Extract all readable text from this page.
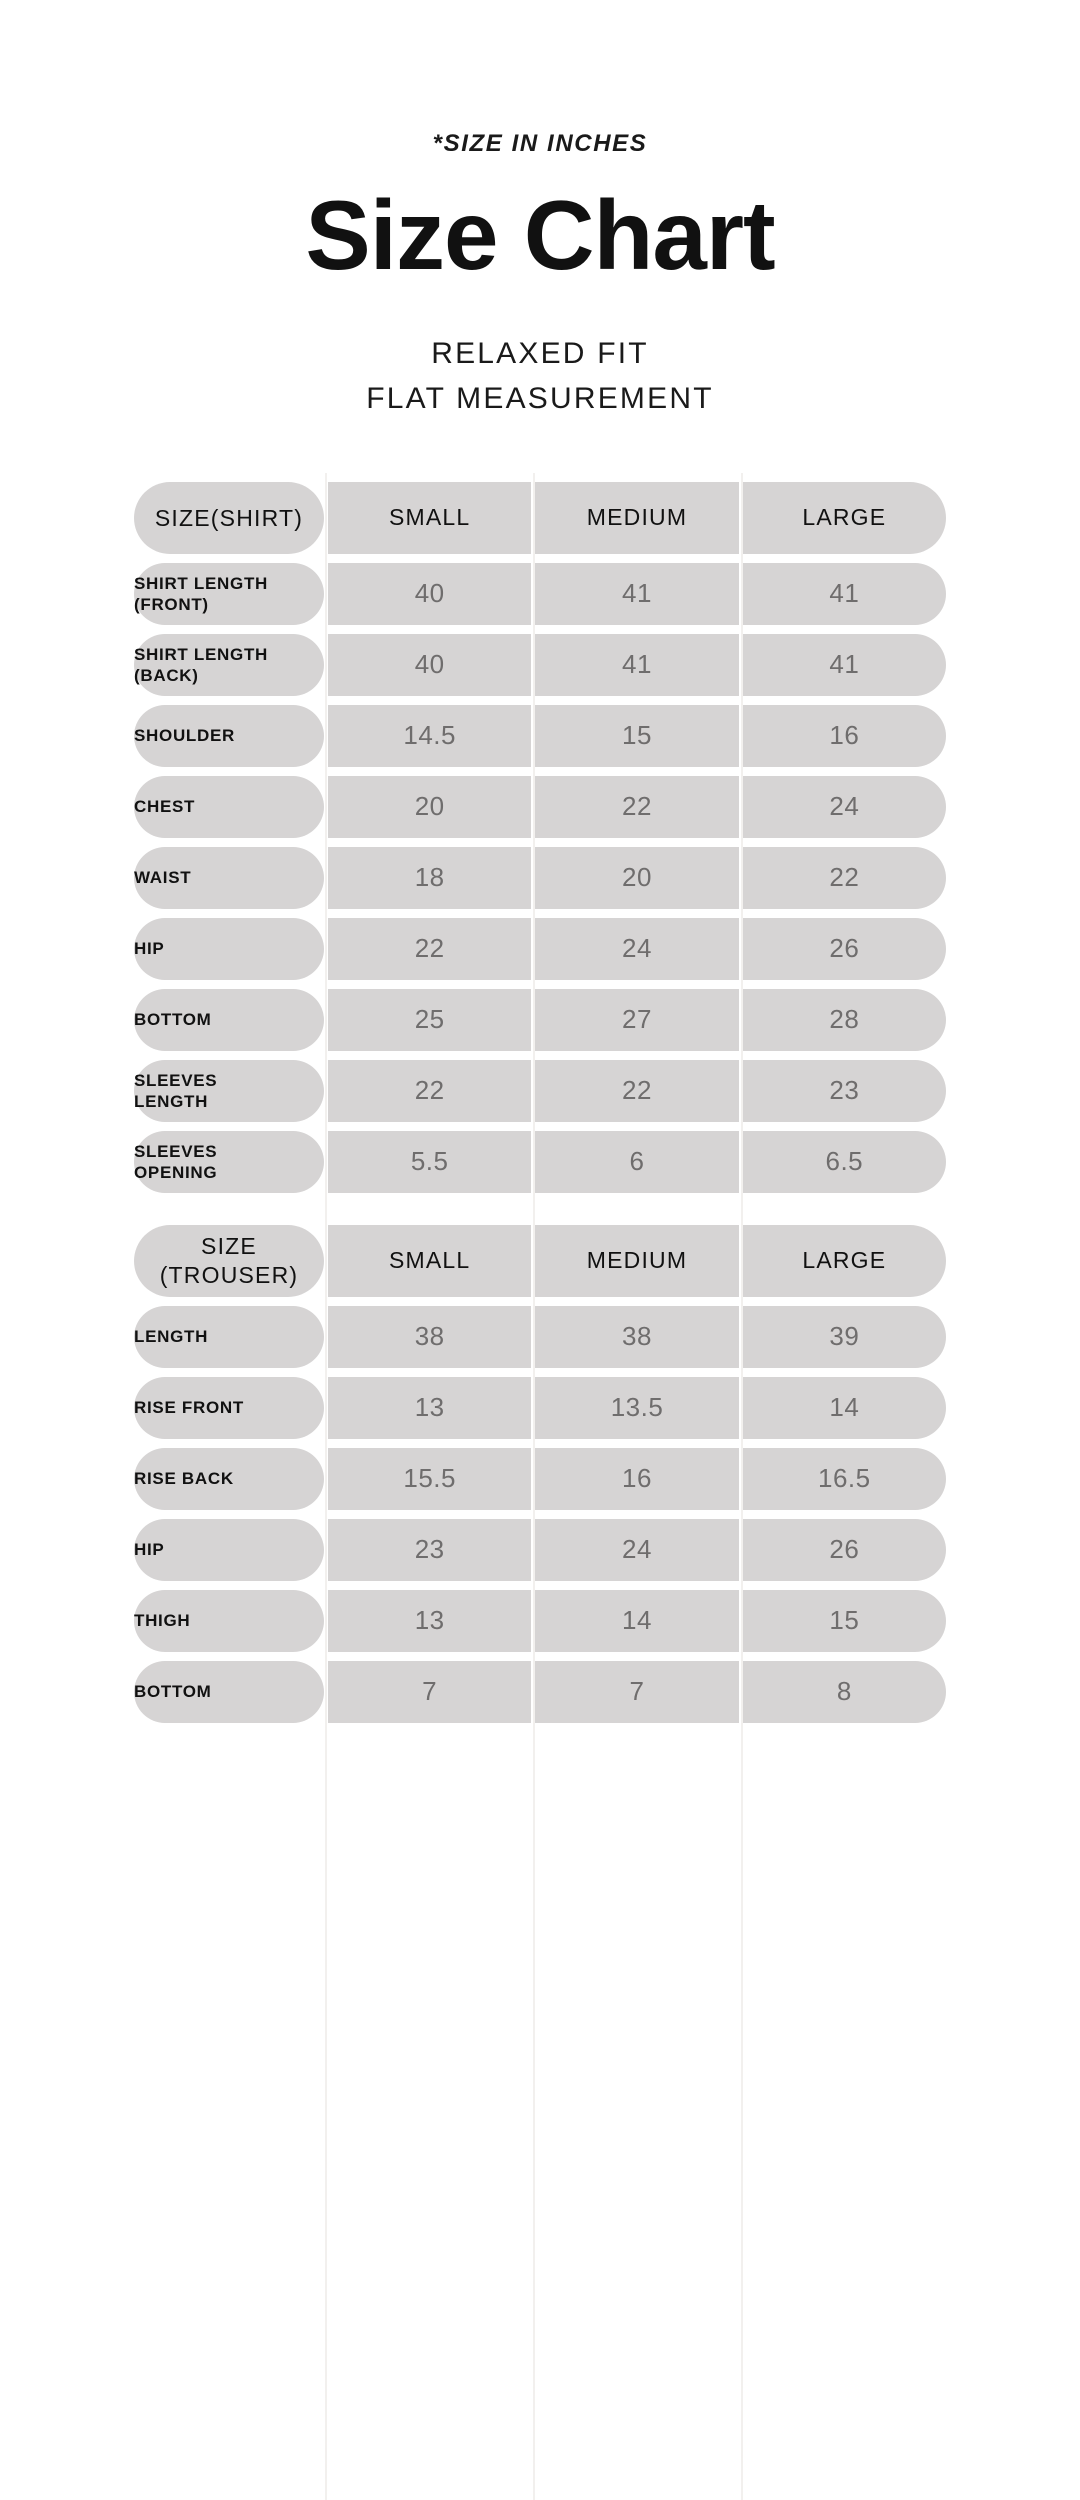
*SIZE IN INCHES

Size Chart

RELAXED FIT
FLAT MEASUREMENT

SIZE(SHIRT)	SMALL	MEDIUM	LARGE
SHIRT LENGTH
(FRONT)	40	41	41
SHIRT LENGTH
(BACK)	40	41	41
SHOULDER	14.5	15	16
CHEST	20	22	24
WAIST	18	20	22
HIP	22	24	26
BOTTOM	25	27	28
SLEEVES
LENGTH	22	22	23
SLEEVES
OPENING	5.5	6	6.5
SIZE
(TROUSER)	SMALL	MEDIUM	LARGE
LENGTH	38	38	39
RISE FRONT	13	13.5	14
RISE BACK	15.5	16	16.5
HIP	23	24	26
THIGH	13	14	15
BOTTOM	7	7	8
